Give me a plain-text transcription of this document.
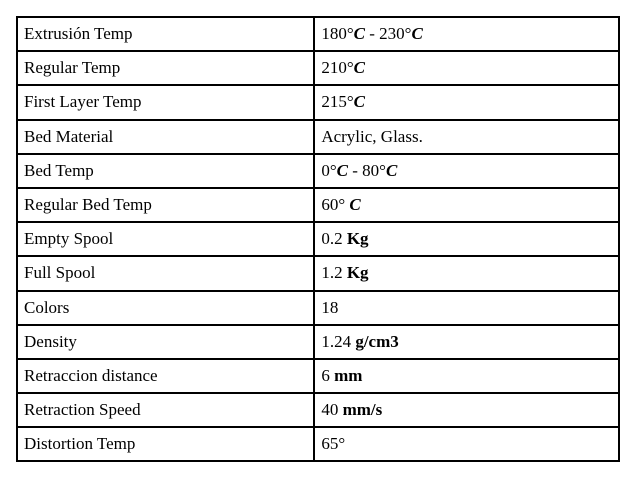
Extrusión Temp	180°C - 230°C
Regular Temp	210°C
First Layer Temp	215°C
Bed Material	Acrylic, Glass.
Bed Temp	0°C - 80°C
Regular Bed Temp	60° C
Empty Spool	0.2 Kg
Full Spool	1.2 Kg
Colors	18
Density	1.24 g/cm3
Retraccion distance	6 mm
Retraction Speed	40 mm/s
Distortion Temp	65°
